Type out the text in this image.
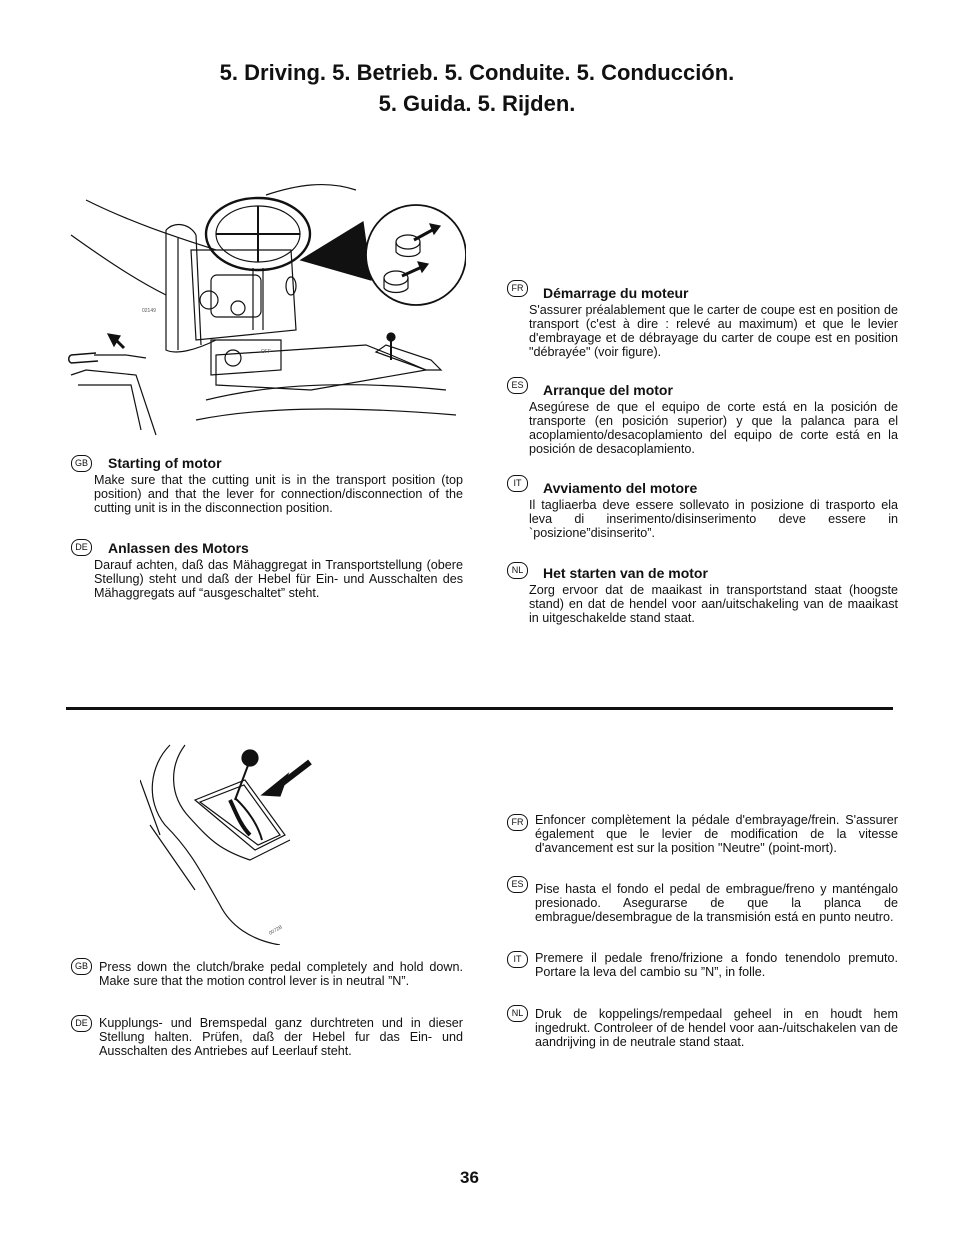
5. Driving. 5. Betrieb. 5. Conduite. 5. Conducción.
5. Guida. 5. Rijden.
02149
OFF
GB Starting of motor
Make sure that the cutting unit is in the transport position (top position) and that the lever for connection/disconnection of the cutting unit is in the disconnection position.
DE	Anlassen des Motors
Darauf achten, daß das Mähaggregat in Transportstellung (obere Stellung) steht und daß der Hebel für Ein- und Ausschalten des Mähaggregats auf “ausgeschaltet” steht.
FR	Démarrage du moteur
S'assurer préalablement que le carter de coupe est en position de transport (c'est à dire : relevé au maximum) et que le levier d'embrayage et de débrayage du carter de coupe est en position "débrayée" (voir figure).
ES	Arranque del motor
Asegúrese de que el equipo de corte está en la posición de transporte (en posición superior) y que la palanca para el acoplamiento/desacoplamiento del equipo de corte está en la posición de desacoplamiento.
IT	Avviamento del motore
Il tagliaerba deve essere sollevato in posizione di trasporto ela leva di inserimento/disinserimento deve essere in `posizione”disinserito”.
NL	Het starten van de motor
Zorg ervoor dat de maaikast in transportstand staat (hoogste stand) en dat de hendel voor aan/uitschakeling van de maaikast in uitgeschakelde stand staat.
0072B
GB Press down the clutch/brake pedal completely and hold down. Make sure that the motion control lever is in neutral ”N”.
DE Kupplungs- und Bremspedal ganz durchtreten und in dieser Stellung halten. Prüfen, daß der Hebel fur das Ein- und Ausschalten des Antriebes auf Leerlauf steht.
FR Enfoncer complètement la pédale d'embrayage/frein. S'assurer également que le levier de modification de la vitesse d'avancement est sur la position "Neutre" (point-mort).
ES Pise hasta el fondo el pedal de embrague/freno y manténgalo presionado. Asegurarse de que la planca de embrague/desembrague de la transmisión está en punto neutro.
IT	Premere il pedale freno/frizione a fondo tenendolo premuto. Portare la leva del cambio su ”N”, in folle.
NL Druk de koppelings/rempedaal geheel in en houdt hem ingedrukt. Controleer of de hendel voor aan-/uitschakelen van de aandrijving in de neutrale stand staat.
36
